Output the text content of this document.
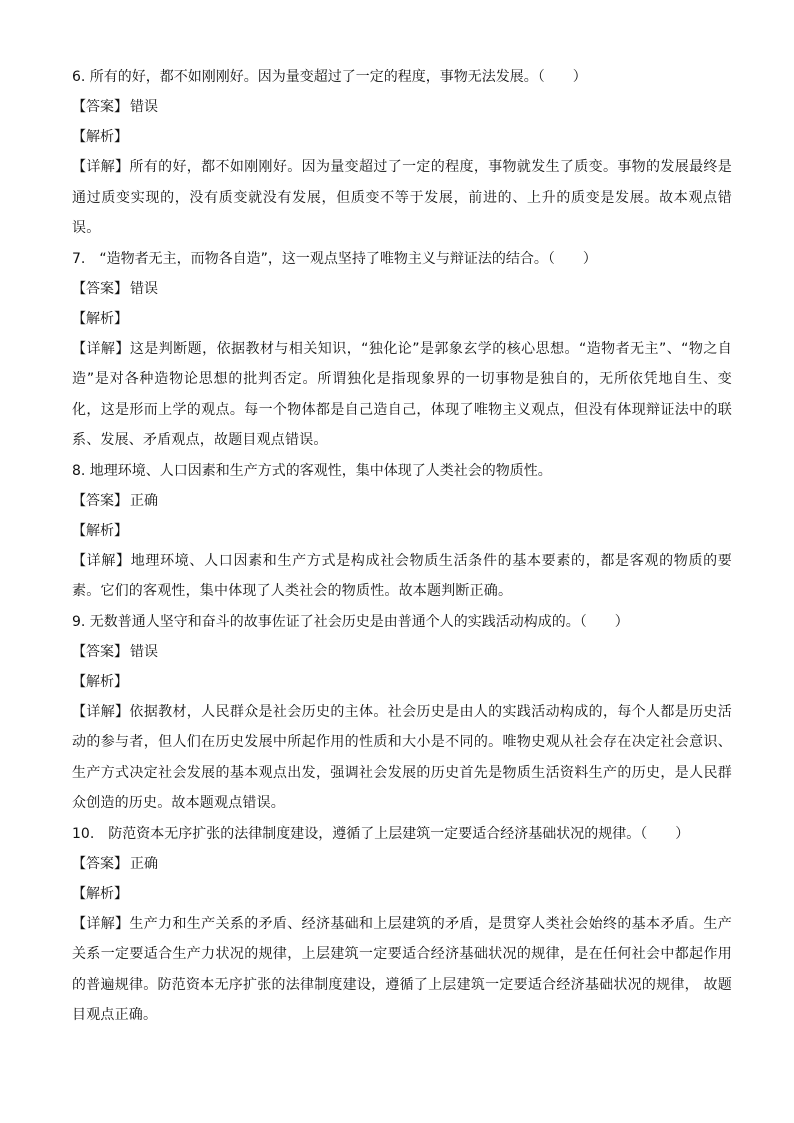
6. 所有的好，都不如刚刚好。因为量变超过了一定的程度，事物无法发展。（　　）
【答案】 错误
【解析】
【详解】所有的好，都不如刚刚好。因为量变超过了一定的程度，事物就发生了质变。事物的发展最终是通过质变实现的，没有质变就没有发展，但质变不等于发展，前进的、上升的质变是发展。故本观点错误。
7.　“造物者无主，而物各自造”，这一观点坚持了唯物主义与辩证法的结合。（　　）
【答案】 错误
【解析】
【详解】这是判断题，依据教材与相关知识，“独化论”是郭象玄学的核心思想。“造物者无主”、“物之自造”是对各种造物论思想的批判否定。所谓独化是指现象界的一切事物是独自的，无所依凭地自生、变化，这是形而上学的观点。每一个物体都是自己造自己，体现了唯物主义观点，但没有体现辩证法中的联系、发展、矛盾观点，故题目观点错误。
8. 地理环境、人口因素和生产方式的客观性，集中体现了人类社会的物质性。
【答案】 正确
【解析】
【详解】地理环境、人口因素和生产方式是构成社会物质生活条件的基本要素的，都是客观的物质的要素。它们的客观性，集中体现了人类社会的物质性。故本题判断正确。
9. 无数普通人坚守和奋斗的故事佐证了社会历史是由普通个人的实践活动构成的。（　　）
【答案】 错误
【解析】
【详解】依据教材，人民群众是社会历史的主体。社会历史是由人的实践活动构成的，每个人都是历史活动的参与者，但人们在历史发展中所起作用的性质和大小是不同的。唯物史观从社会存在决定社会意识、生产方式决定社会发展的基本观点出发，强调社会发展的历史首先是物质生活资料生产的历史，是人民群众创造的历史。故本题观点错误。
10.　防范资本无序扩张的法律制度建设，遵循了上层建筑一定要适合经济基础状况的规律。（　　）
【答案】 正确
【解析】
【详解】生产力和生产关系的矛盾、经济基础和上层建筑的矛盾，是贯穿人类社会始终的基本矛盾。生产关系一定要适合生产力状况的规律，上层建筑一定要适合经济基础状况的规律，是在任何社会中都起作用的普遍规律。防范资本无序扩张的法律制度建设，遵循了上层建筑一定要适合经济基础状况的规律， 故题目观点正确。
